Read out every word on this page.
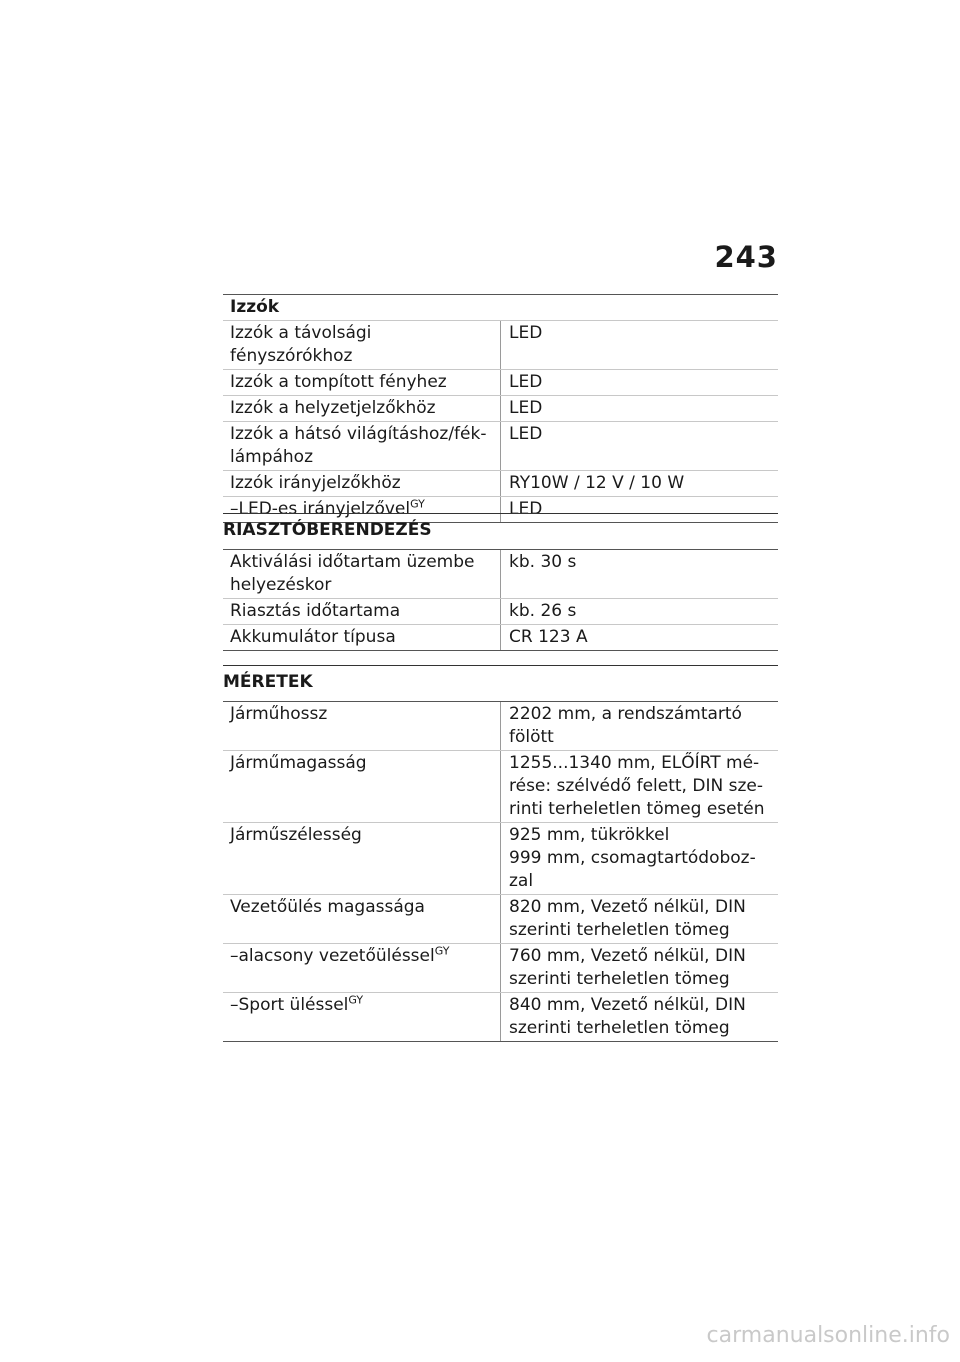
243
Izzók	
Izzók a távolsági fényszórókhoz	LED
Izzók a tompított fényhez	LED
Izzók a helyzetjelzőkhöz	LED
Izzók a hátsó világításhoz/fék-lámpához	LED
Izzók irányjelzőkhöz	RY10W / 12 V / 10 W
–LED-es irányjelzővel$^{GY}$	LED
RIASZTÓBERENDEZÉS
Aktiválási időtartam üzembe helyezéskor	kb. 30 s
Riasztás időtartama	kb. 26 s
Akkumulátor típusa	CR 123 A
MÉRETEK
Járműhossz	2202 mm, a rendszámtartó fölött
Járműmagasság	1255...1340 mm, ELŐÍRT mé-rése: szélvédő felett, DIN sze-rinti terheletlen tömeg esetén
Járműszélesség	925 mm, tükrökkel
999 mm, csomagtartódoboz-zal
Vezetőülés magassága	820 mm, Vezető nélkül, DIN szerinti terheletlen tömeg
–alacsony vezetőüléssel$^{GY}$	760 mm, Vezető nélkül, DIN szerinti terheletlen tömeg
–Sport üléssel$^{GY}$	840 mm, Vezető nélkül, DIN szerinti terheletlen tömeg
carmanualsonline.info
